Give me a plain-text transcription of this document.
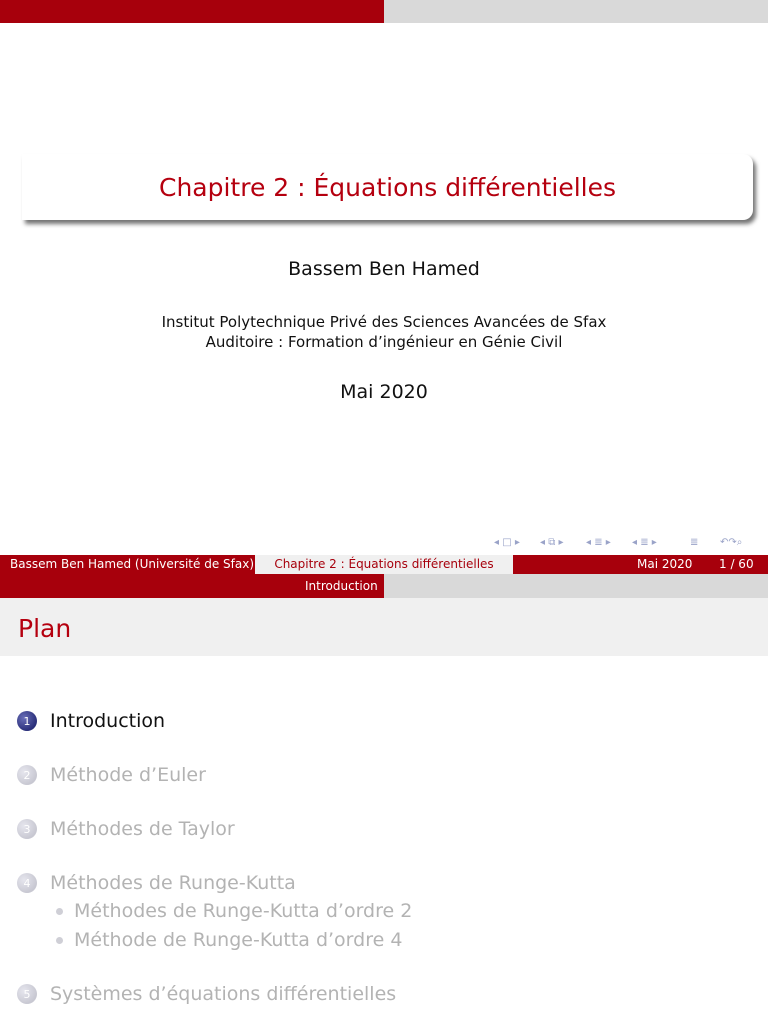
Chapitre 2 : Équations différentielles
Bassem Ben Hamed
Institut Polytechnique Privé des Sciences Avancées de Sfax
Auditoire : Formation d’ingénieur en Génie Civil
Mai 2020
◂ □ ▸ ◂ ⧉ ▸ ◂ ≣ ▸ ◂ ≣ ▸	≣ ↶↷⌕
Bassem Ben Hamed (Université de Sfax)	Chapitre 2 : Équations différentielles	Mai 2020 1 / 60
Introduction
Plan
1	Introduction
2	Méthode d’Euler
3	Méthodes de Taylor
4	Méthodes de Runge-Kutta
Méthodes de Runge-Kutta d’ordre 2
Méthode de Runge-Kutta d’ordre 4
5	Systèmes d’équations différentielles
